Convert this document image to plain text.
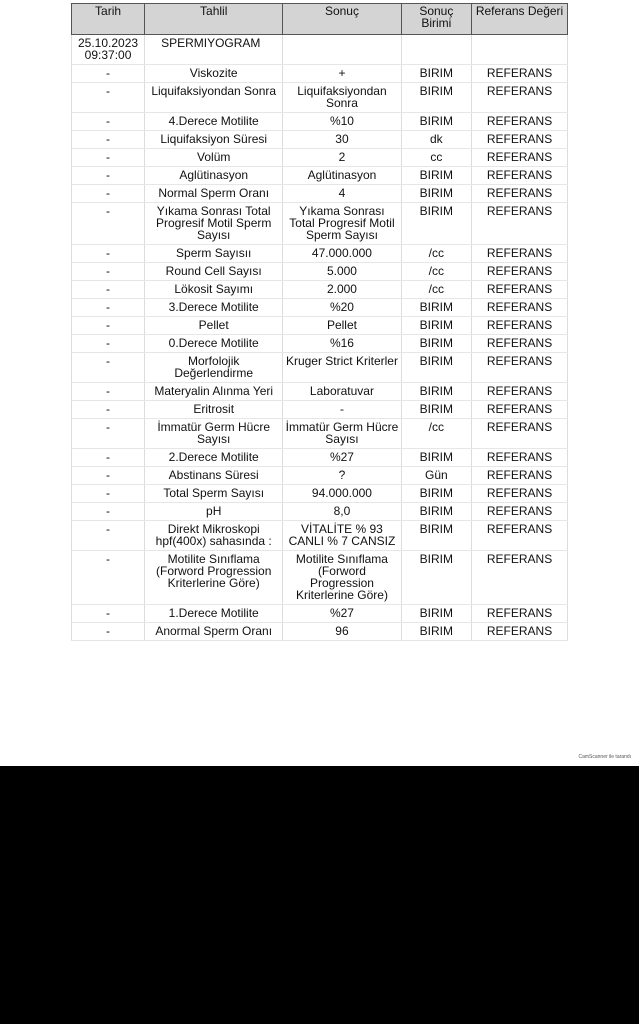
Tarih	Tahlil	Sonuç	Sonuç Birimi	Referans Değeri
25.10.2023 09:37:00	SPERMIYOGRAM			
-	Viskozite	+	BIRIM	REFERANS
-	Liquifaksiyondan Sonra	Liquifaksiyondan Sonra	BIRIM	REFERANS
-	4.Derece Motilite	%10	BIRIM	REFERANS
-	Liquifaksiyon Süresi	30	dk	REFERANS
-	Volüm	2	cc	REFERANS
-	Aglütinasyon	Aglütinasyon	BIRIM	REFERANS
-	Normal Sperm Oranı	4	BIRIM	REFERANS
-	Yıkama Sonrası Total Progresif Motil Sperm Sayısı	Yıkama Sonrası Total Progresif Motil Sperm Sayısı	BIRIM	REFERANS
-	Sperm Sayısıı	47.000.000	/cc	REFERANS
-	Round Cell Sayısı	5.000	/cc	REFERANS
-	Lökosit Sayımı	2.000	/cc	REFERANS
-	3.Derece Motilite	%20	BIRIM	REFERANS
-	Pellet	Pellet	BIRIM	REFERANS
-	0.Derece Motilite	%16	BIRIM	REFERANS
-	Morfolojik Değerlendirme	Kruger Strict Kriterler	BIRIM	REFERANS
-	Materyalin Alınma Yeri	Laboratuvar	BIRIM	REFERANS
-	Eritrosit	-	BIRIM	REFERANS
-	İmmatür Germ Hücre Sayısı	İmmatür Germ Hücre Sayısı	/cc	REFERANS
-	2.Derece Motilite	%27	BIRIM	REFERANS
-	Abstinans Süresi	?	Gün	REFERANS
-	Total Sperm Sayısı	94.000.000	BIRIM	REFERANS
-	pH	8,0	BIRIM	REFERANS
-	Direkt Mikroskopi hpf(400x) sahasında :	VİTALİTE % 93 CANLI % 7 CANSIZ	BIRIM	REFERANS
-	Motilite Sınıflama (Forword Progression Kriterlerine Göre)	Motilite Sınıflama (Forword Progression Kriterlerine Göre)	BIRIM	REFERANS
-	1.Derece Motilite	%27	BIRIM	REFERANS
-	Anormal Sperm Oranı	96	BIRIM	REFERANS
CamScanner ile tarandı
